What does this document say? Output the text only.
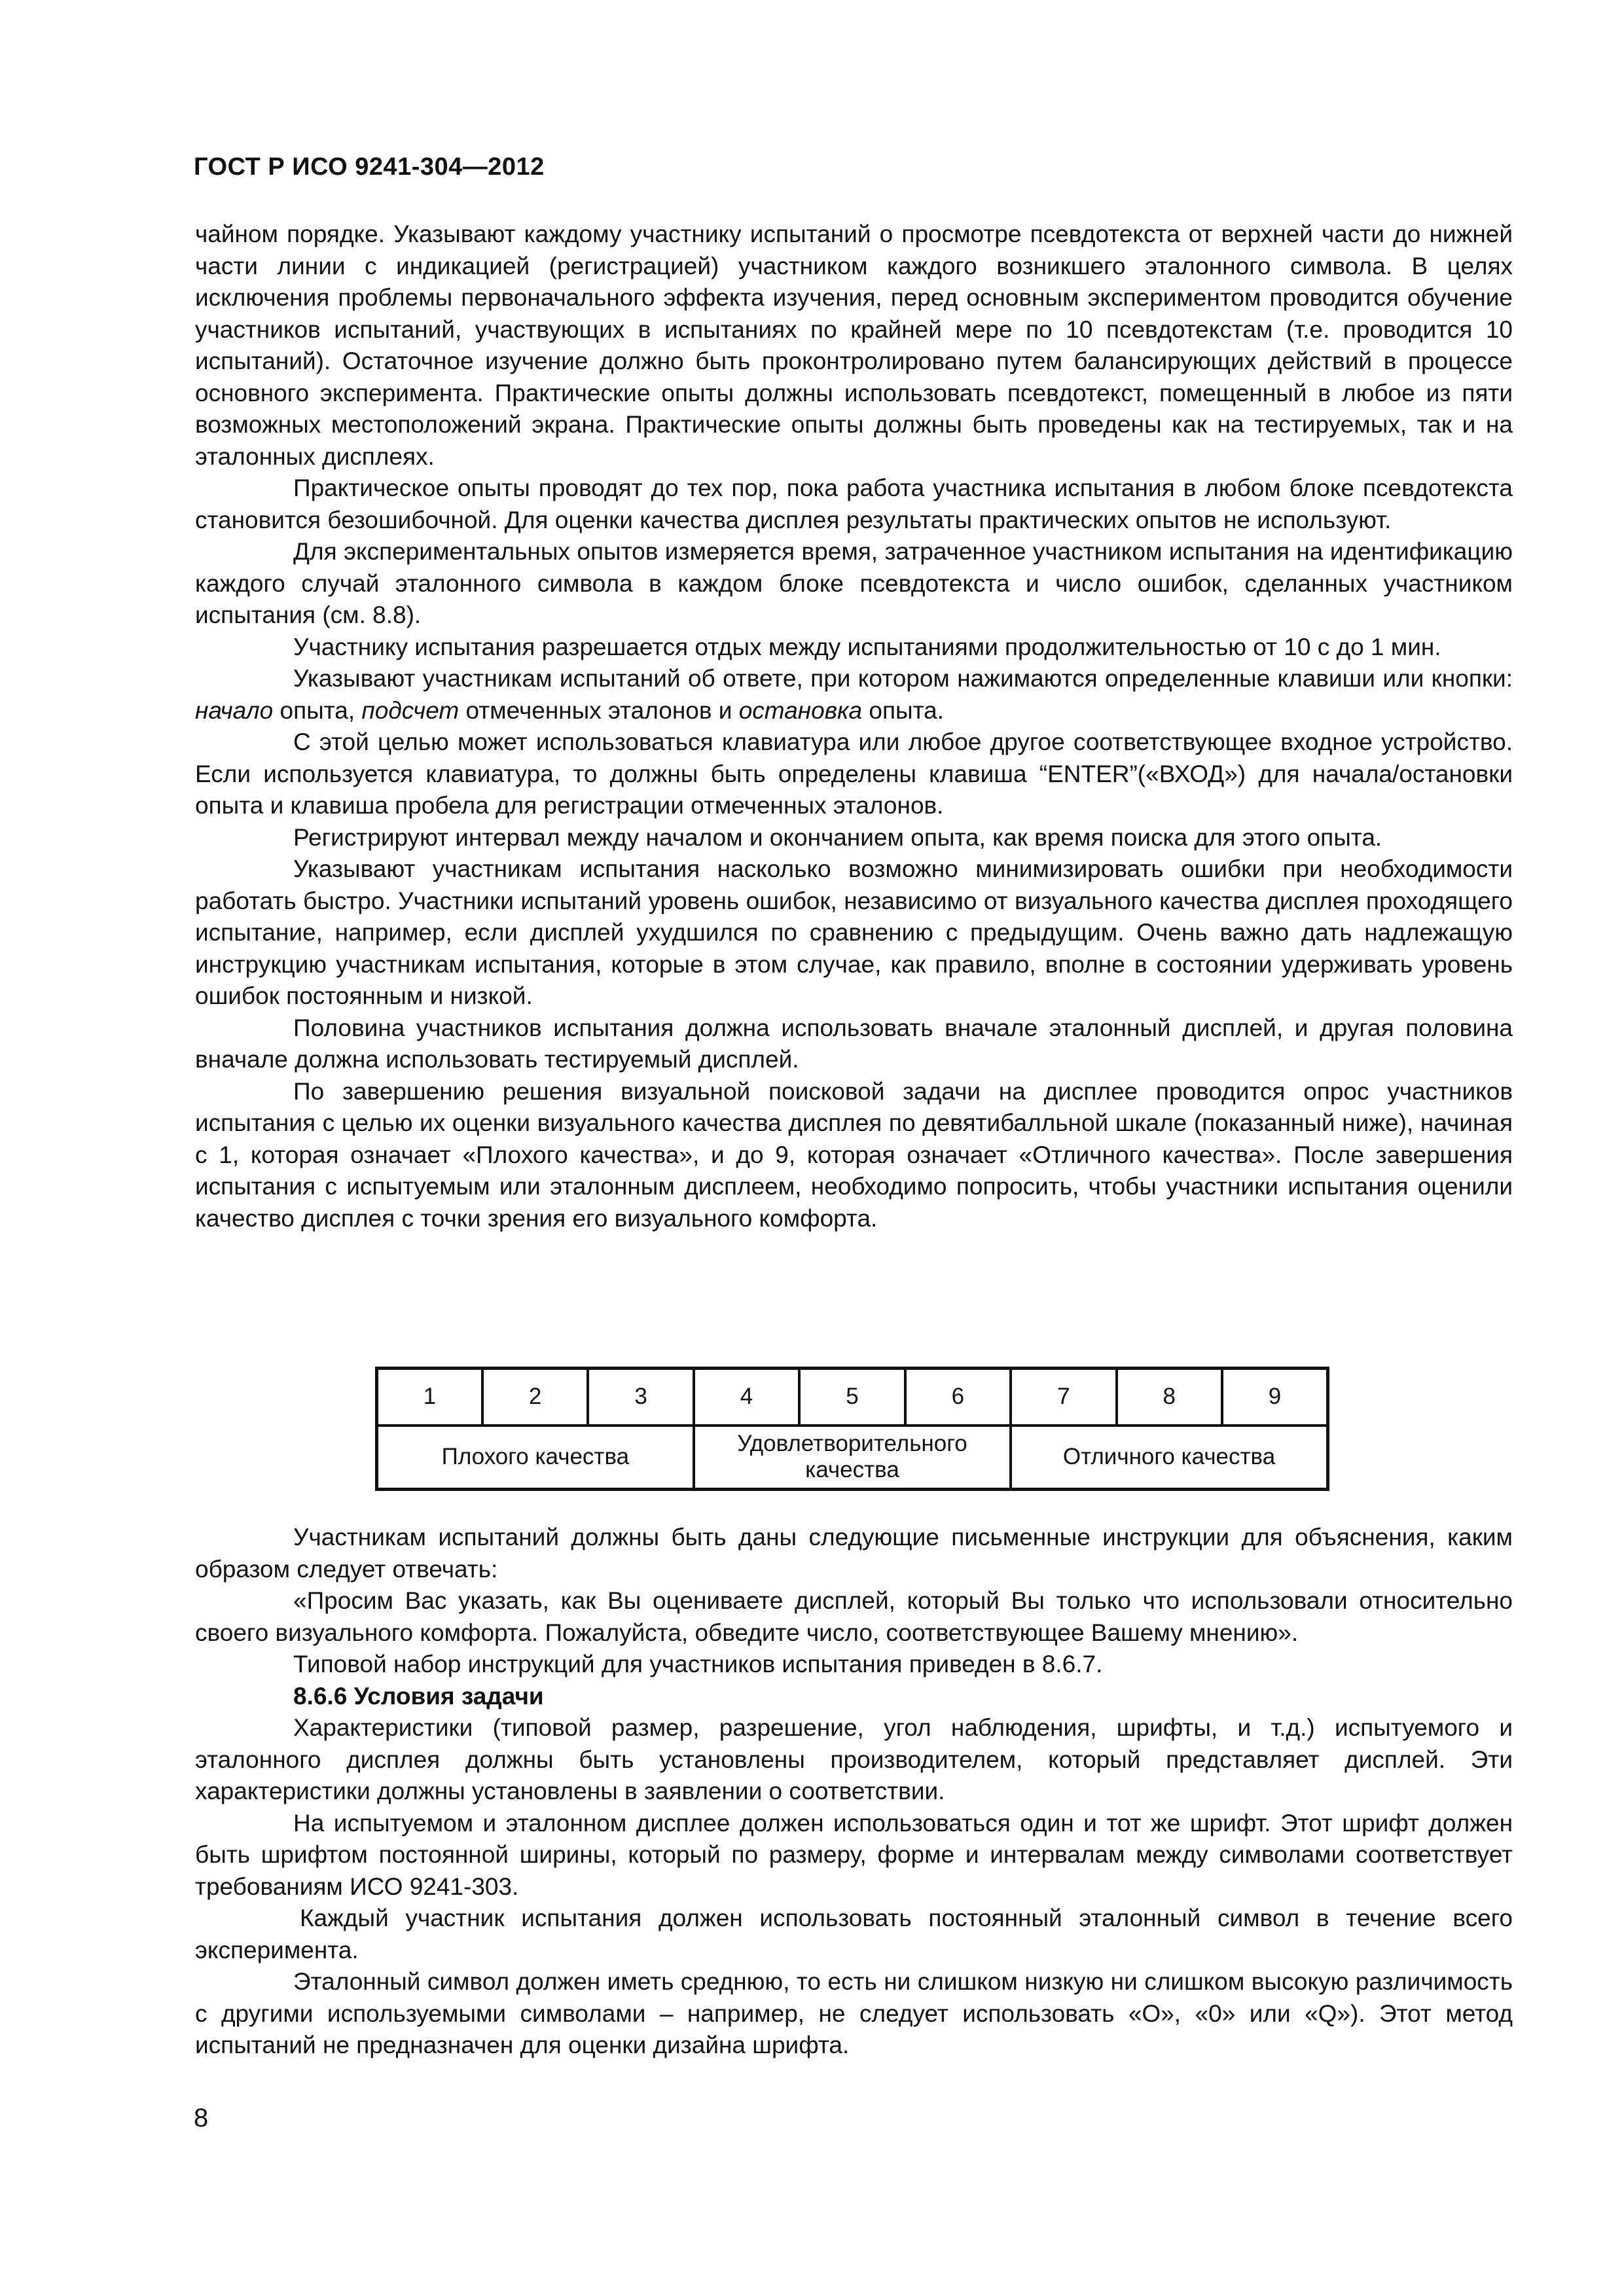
ГОСТ Р ИСО 9241-304—2012

чайном порядке. Указывают каждому участнику испытаний о просмотре псевдотекста от верхней части до нижней части линии с индикацией (регистрацией) участником каждого возникшего эталонного символа. В целях исключения проблемы первоначального эффекта изучения, перед основным экспериментом проводится обучение участников испытаний, участвующих в испытаниях по крайней мере по 10 псевдотекстам (т.е. проводится 10 испытаний). Остаточное изучение должно быть проконтролировано путем балансирующих действий в процессе основного эксперимента. Практические опыты должны использовать псевдотекст, помещенный в любое из пяти возможных местоположений экрана. Практические опыты должны быть проведены как на тестируемых, так и на эталонных дисплеях.

Практическое опыты проводят до тех пор, пока работа участника испытания в любом блоке псевдотекста становится безошибочной. Для оценки качества дисплея результаты практических опытов не используют.

Для экспериментальных опытов измеряется время, затраченное участником испытания на идентификацию каждого случай эталонного символа в каждом блоке псевдотекста и число ошибок, сделанных участником испытания (см. 8.8).

Участнику испытания разрешается отдых между испытаниями продолжительностью от 10 с до 1 мин.

Указывают участникам испытаний об ответе, при котором нажимаются определенные клавиши или кнопки: начало опыта, подсчет отмеченных эталонов и остановка опыта.

С этой целью может использоваться клавиатура или любое другое соответствующее входное устройство. Если используется клавиатура, то должны быть определены клавиша “ENTER”(«ВХОД») для начала/остановки опыта и клавиша пробела для регистрации отмеченных эталонов.

Регистрируют интервал между началом и окончанием опыта, как время поиска для этого опыта.

Указывают участникам испытания насколько возможно минимизировать ошибки при необходимости работать быстро. Участники испытаний уровень ошибок, независимо от визуального качества дисплея проходящего испытание, например, если дисплей ухудшился по сравнению с предыдущим. Очень важно дать надлежащую инструкцию участникам испытания, которые в этом случае, как правило, вполне в состоянии удерживать уровень ошибок постоянным и низкой.

Половина участников испытания должна использовать вначале эталонный дисплей, и другая половина вначале должна использовать тестируемый дисплей.

По завершению решения визуальной поисковой задачи на дисплее проводится опрос участников испытания с целью их оценки визуального качества дисплея по девятибалльной шкале (показанный ниже), начиная с 1, которая означает «Плохого качества», и до 9, которая означает «Отличного качества». После завершения испытания с испытуемым или эталонным дисплеем, необходимо попросить, чтобы участники испытания оценили качество дисплея с точки зрения его визуального комфорта.

1	2	3	4	5	6	7	8	9
Плохого качества			Удовлетворительного качества			Отличного качества		

Участникам испытаний должны быть даны следующие письменные инструкции для объяснения, каким образом следует отвечать:

«Просим Вас указать, как Вы оцениваете дисплей, который Вы только что использовали относительно своего визуального комфорта. Пожалуйста, обведите число, соответствующее Вашему мнению».

Типовой набор инструкций для участников испытания приведен в 8.6.7.

8.6.6 Условия задачи

Характеристики (типовой размер, разрешение, угол наблюдения, шрифты, и т.д.) испытуемого и эталонного дисплея должны быть установлены производителем, который представляет дисплей. Эти характеристики должны установлены в заявлении о соответствии.

На испытуемом и эталонном дисплее должен использоваться один и тот же шрифт. Этот шрифт должен быть шрифтом постоянной ширины, который по размеру, форме и интервалам между символами соответствует требованиям ИСО 9241-303.

Каждый участник испытания должен использовать постоянный эталонный символ в течение всего эксперимента.

Эталонный символ должен иметь среднюю, то есть ни слишком низкую ни слишком высокую различимость с другими используемыми символами – например, не следует использовать «О», «0» или «Q»). Этот метод испытаний не предназначен для оценки дизайна шрифта.

8
